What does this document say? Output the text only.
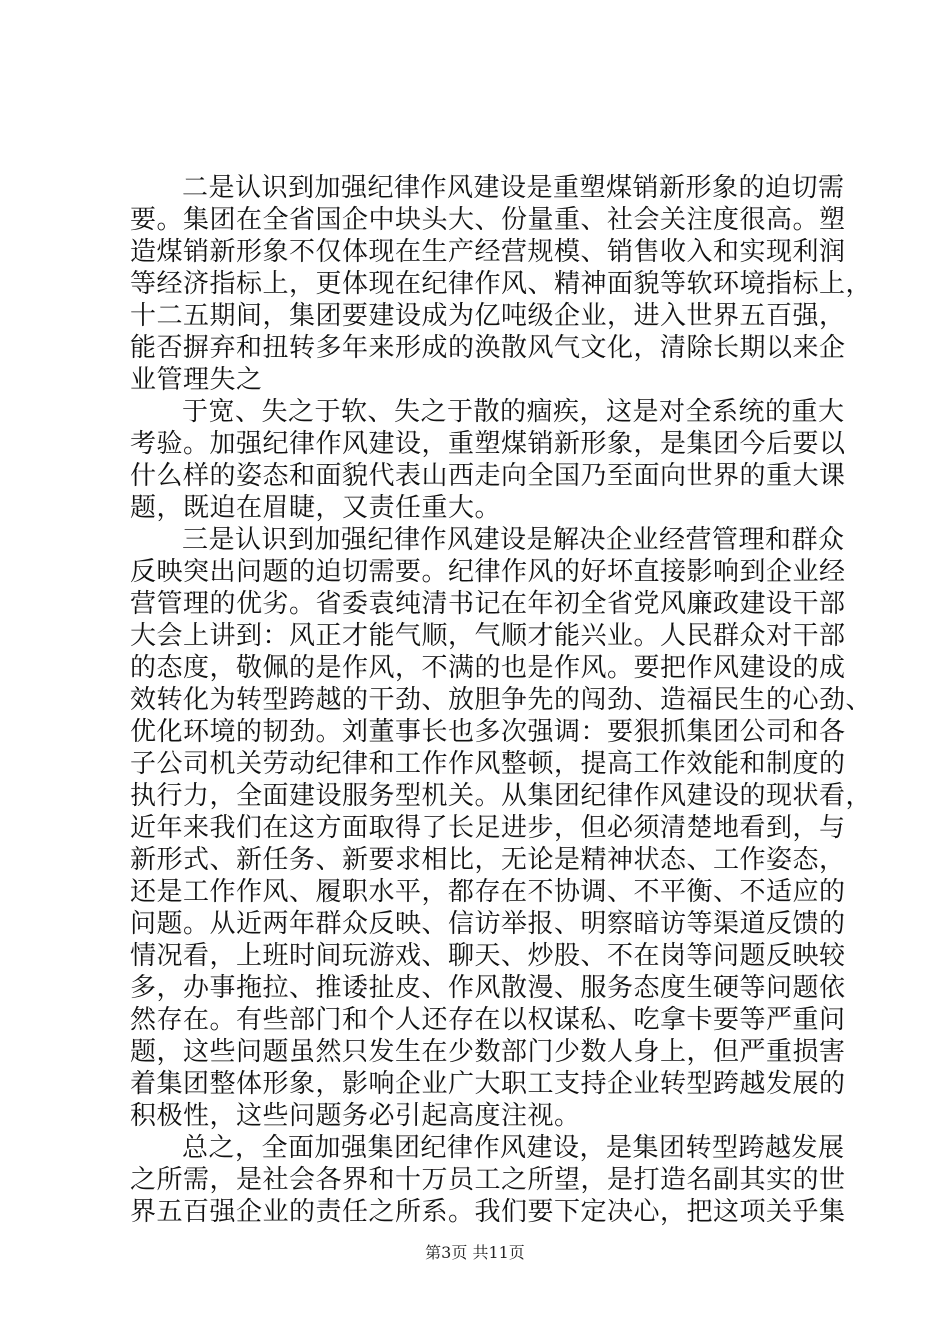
二是认识到加强纪律作风建设是重塑煤销新形象的迫切需
要。集团在全省国企中块头大、份量重、社会关注度很高。塑
造煤销新形象不仅体现在生产经营规模、销售收入和实现利润
等经济指标上，更体现在纪律作风、精神面貌等软环境指标上，
十二五期间，集团要建设成为亿吨级企业，进入世界五百强，
能否摒弃和扭转多年来形成的涣散风气文化，清除长期以来企
业管理失之
于宽、失之于软、失之于散的痼疾，这是对全系统的重大
考验。加强纪律作风建设，重塑煤销新形象，是集团今后要以
什么样的姿态和面貌代表山西走向全国乃至面向世界的重大课
题，既迫在眉睫，又责任重大。
三是认识到加强纪律作风建设是解决企业经营管理和群众
反映突出问题的迫切需要。纪律作风的好坏直接影响到企业经
营管理的优劣。省委袁纯清书记在年初全省党风廉政建设干部
大会上讲到：风正才能气顺，气顺才能兴业。人民群众对干部
的态度，敬佩的是作风，不满的也是作风。要把作风建设的成
效转化为转型跨越的干劲、放胆争先的闯劲、造福民生的心劲、
优化环境的韧劲。刘董事长也多次强调：要狠抓集团公司和各
子公司机关劳动纪律和工作作风整顿，提高工作效能和制度的
执行力，全面建设服务型机关。从集团纪律作风建设的现状看，
近年来我们在这方面取得了长足进步，但必须清楚地看到，与
新形式、新任务、新要求相比，无论是精神状态、工作姿态，
还是工作作风、履职水平，都存在不协调、不平衡、不适应的
问题。从近两年群众反映、信访举报、明察暗访等渠道反馈的
情况看，上班时间玩游戏、聊天、炒股、不在岗等问题反映较
多，办事拖拉、推诿扯皮、作风散漫、服务态度生硬等问题依
然存在。有些部门和个人还存在以权谋私、吃拿卡要等严重问
题，这些问题虽然只发生在少数部门少数人身上，但严重损害
着集团整体形象，影响企业广大职工支持企业转型跨越发展的
积极性，这些问题务必引起高度注视。
总之，全面加强集团纪律作风建设，是集团转型跨越发展
之所需，是社会各界和十万员工之所望，是打造名副其实的世
界五百强企业的责任之所系。我们要下定决心，把这项关乎集
第3页 共11页
